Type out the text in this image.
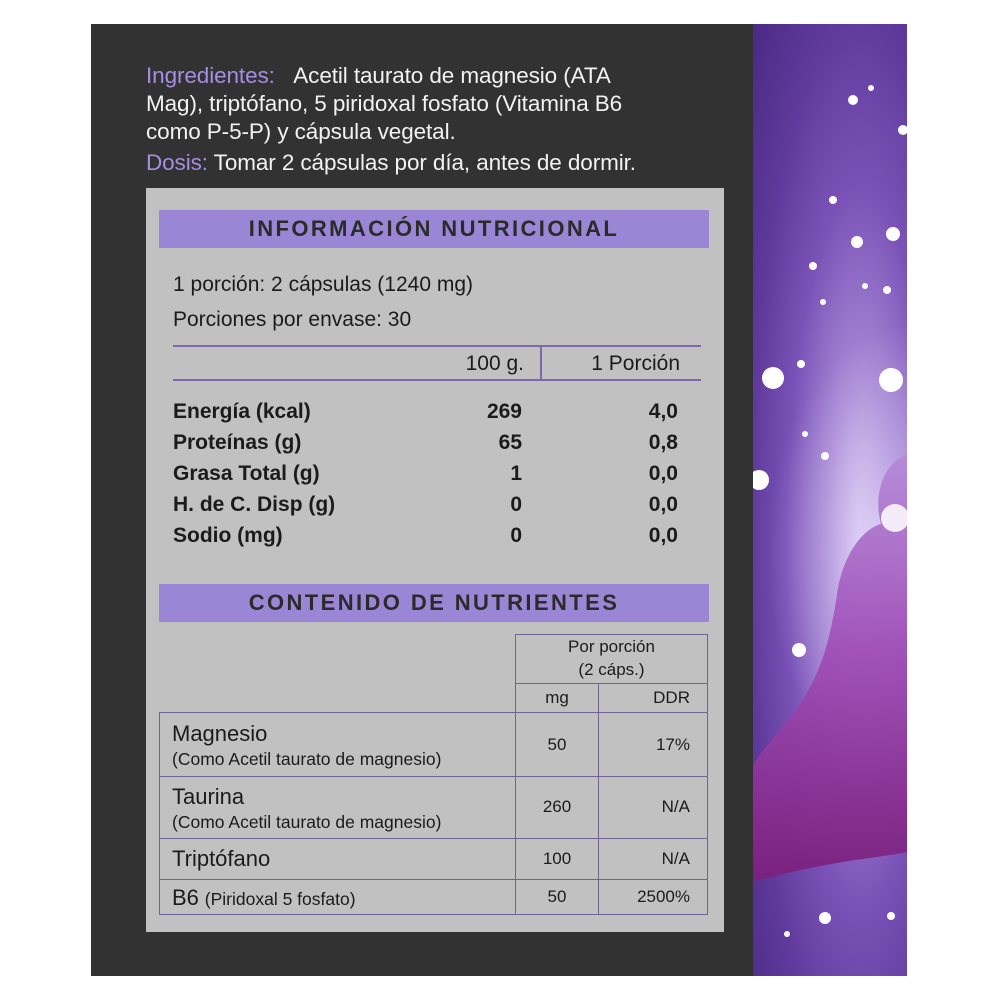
Ingredientes: Acetil taurato de magnesio (ATA
Mag), triptófano, 5 piridoxal fosfato (Vitamina B6
como P-5-P) y cápsula vegetal.
Dosis: Tomar 2 cápsulas por día, antes de dormir.
INFORMACIÓN NUTRICIONAL
1 porción: 2 cápsulas (1240 mg)
Porciones por envase: 30
100 g.	1 Porción
Energía (kcal)	269	4,0
Proteínas (g)	65	0,8
Grasa Total (g)	1	0,0
H. de C. Disp (g)	0	0,0
Sodio (mg)	0	0,0
CONTENIDO DE NUTRIENTES
Por porción
(2 cáps.)
mg	DDR
Magnesio
(Como Acetil taurato de magnesio)
50	17%
Taurina
(Como Acetil taurato de magnesio)
260	N/A
Triptófano	100	N/A
B6 (Piridoxal 5 fosfato)	50	2500%
